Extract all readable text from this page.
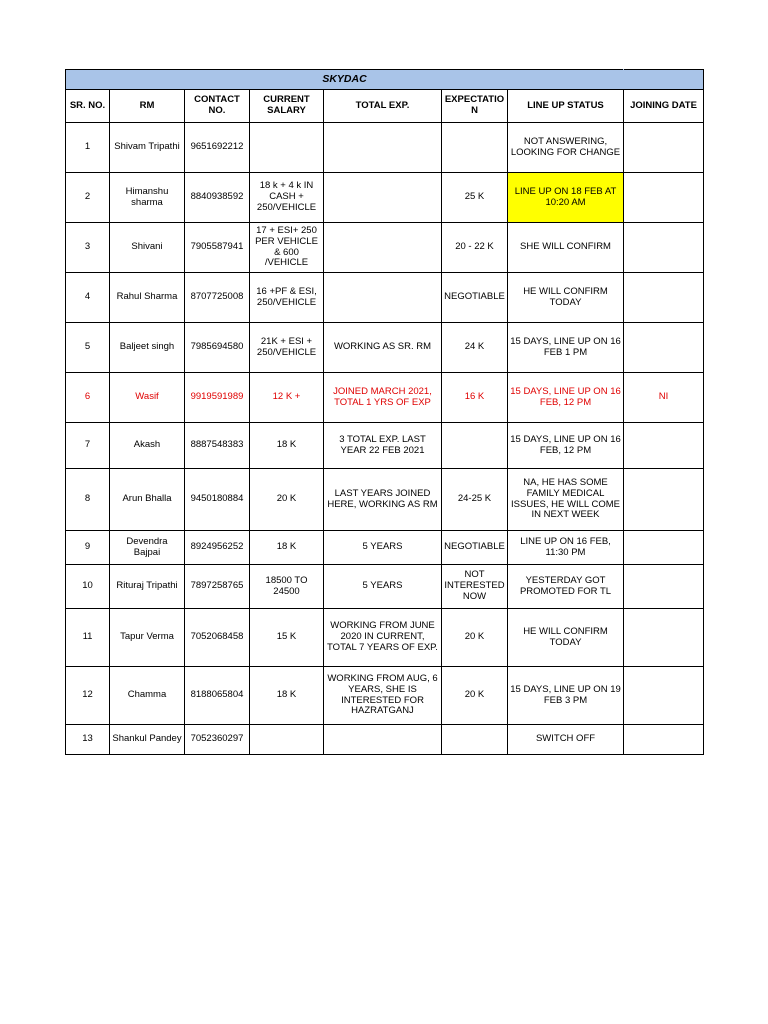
SKYDAC							
SR. NO.	RM	CONTACT NO.	CURRENT SALARY	TOTAL EXP.	EXPECTATION	LINE UP STATUS	JOINING DATE
1	Shivam Tripathi	9651692212				NOT ANSWERING, LOOKING FOR CHANGE	
2	Himanshu sharma	8840938592	18 k + 4 k IN CASH + 250/VEHICLE		25 K	LINE UP ON 18 FEB AT 10:20 AM	
3	Shivani	7905587941	17 + ESI+ 250 PER VEHICLE & 600 /VEHICLE		20 - 22 K	SHE WILL CONFIRM	
4	Rahul Sharma	8707725008	16 +PF & ESI, 250/VEHICLE		NEGOTIABLE	HE WILL CONFIRM TODAY	
5	Baljeet singh	7985694580	21K + ESI + 250/VEHICLE	WORKING AS SR. RM	24 K	15 DAYS, LINE UP ON 16 FEB 1 PM	
6	Wasif	9919591989	12 K +	JOINED MARCH 2021, TOTAL 1 YRS OF EXP	16 K	15 DAYS, LINE UP ON 16 FEB, 12 PM	NI
7	Akash	8887548383	18 K	3 TOTAL EXP. LAST YEAR 22 FEB 2021		15 DAYS, LINE UP ON 16 FEB, 12 PM	
8	Arun Bhalla	9450180884	20 K	LAST YEARS JOINED HERE, WORKING AS RM	24-25 K	NA, HE HAS SOME FAMILY MEDICAL ISSUES, HE WILL COME IN NEXT WEEK	
9	Devendra Bajpai	8924956252	18 K	5 YEARS	NEGOTIABLE	LINE UP ON 16 FEB, 11:30 PM	
10	Rituraj Tripathi	7897258765	18500 TO 24500	5 YEARS	NOT INTERESTED NOW	YESTERDAY GOT PROMOTED FOR TL	
11	Tapur Verma	7052068458	15 K	WORKING FROM JUNE 2020 IN CURRENT, TOTAL 7 YEARS OF EXP.	20 K	HE WILL CONFIRM TODAY	
12	Chamma	8188065804	18 K	WORKING FROM AUG, 6 YEARS, SHE IS INTERESTED FOR HAZRATGANJ	20 K	15 DAYS, LINE UP ON 19 FEB 3 PM	
13	Shankul Pandey	7052360297				SWITCH OFF	
